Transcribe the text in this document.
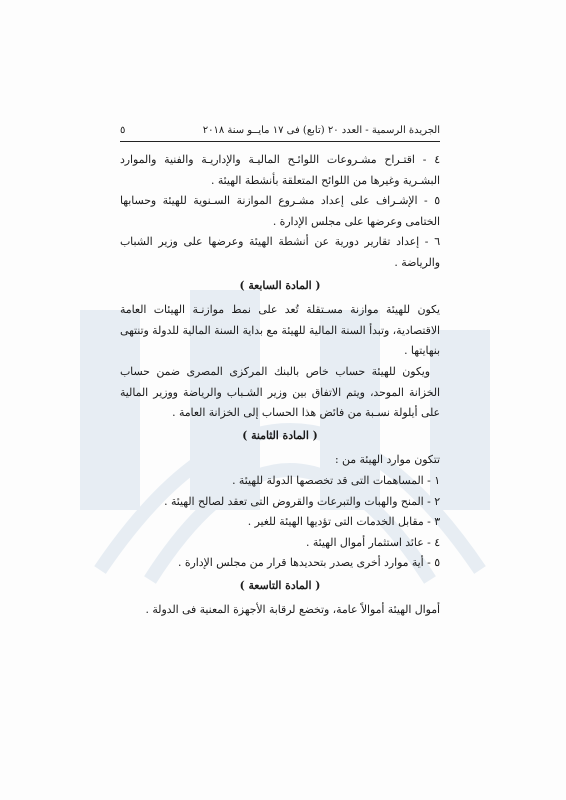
الجريدة الرسمية - العدد ٢٠ (تابع) فى ١٧ مايــو سنة ٢٠١٨
٥

٤ - اقتـراح مشـروعات اللوائـح الماليـة والإداريـة والفنية والموارد البشـرية وغيرها من اللوائح المتعلقة بأنشطة الهيئة .

٥ - الإشـراف على إعداد مشـروع الموازنة السـنوية للهيئة وحسابها الختامى وعرضها على مجلس الإدارة .

٦ - إعداد تقارير دورية عن أنشطة الهيئة وعرضها على وزير الشباب والرياضة .

( المادة السابعة )

يكون للهيئة موازنة مسـتقلة تُعد على نمط موازنـة الهيئات العامة الاقتصادية، وتبدأ السنة المالية للهيئة مع بداية السنة المالية للدولة وتنتهى بنهايتها .

ويكون للهيئة حساب خاص بالبنك المركزى المصرى ضمن حساب الخزانة الموحد، ويتم الاتفاق بين وزير الشـباب والرياضة ووزير المالية على أيلولة نسـبة من فائض هذا الحساب إلى الخزانة العامة .

( المادة الثامنة )

تتكون موارد الهيئة من :

١ - المساهمات التى قد تخصصها الدولة للهيئة .

٢ - المنح والهبات والتبرعات والقروض التى تعقد لصالح الهيئة .

٣ - مقابل الخدمات التى تؤديها الهيئة للغير .

٤ - عائد استثمار أموال الهيئة .

٥ - أية موارد أخرى يصدر بتحديدها قرار من مجلس الإدارة .

( المادة التاسعة )

أموال الهيئة أموالاً عامة، وتخضع لرقابة الأجهزة المعنية فى الدولة .
